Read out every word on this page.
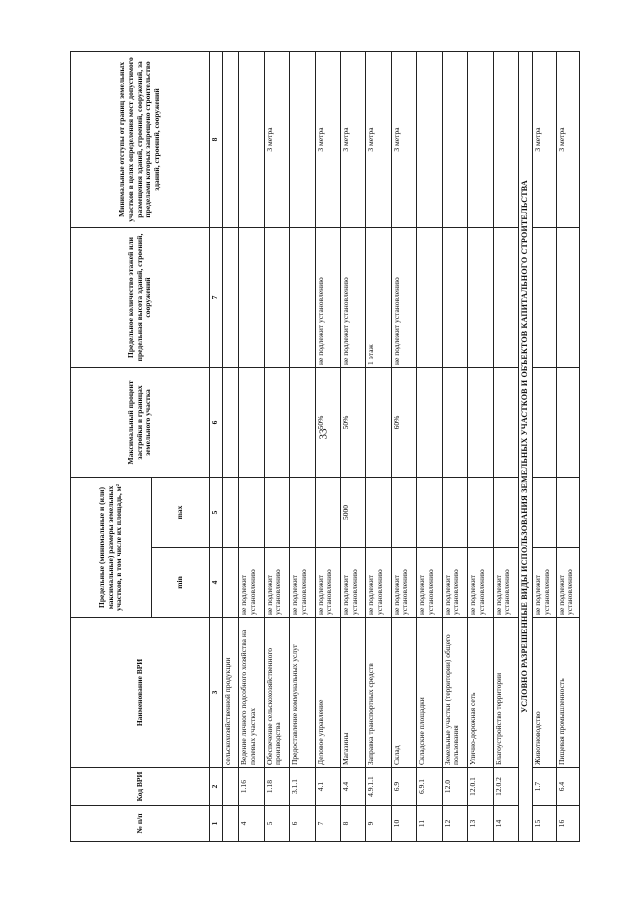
33
№ п/п	Код ВРИ	Наименование ВРИ	Предельные (минимальные и (или) максимальные) размеры земельных участков, в том числе их площадь, м²		Максимальный процент застройки в границах земельного участка	Предельное количество этажей или предельная высота зданий, строений, сооружений	Минимальные отступы от границ земельных участков в целях определения мест допустимого размещения зданий, строений, сооружений, за пределами которых запрещено строительство зданий, строений, сооружений
			min	max			
1	2	3	4	5	6	7	8
		сельскохозяйственной продукции					
4	1.16	Ведение личного подсобного хозяйства на полевых участках	не подлежит установлению				
5	1.18	Обеспечение сельскохозяйственного производства	не подлежит установлению				3 метра
6	3.1.1	Предоставление коммунальных услуг	не подлежит установлению				
7	4.1	Деловое управление	не подлежит установлению		50%	не подлежит установлению	3 метра
8	4.4	Магазины	не подлежит установлению	5000	50%	не подлежит установлению	3 метра
9	4.9.1.1	Заправка транспортных средств	не подлежит установлению			1 этаж	3 метра
10	6.9	Склад	не подлежит установлению		60%	не подлежит установлению	3 метра
11	6.9.1	Складские площадки	не подлежит установлению				
12	12.0	Земельные участки (территории) общего пользования	не подлежит установлению				
13	12.0.1	Улично-дорожная сеть	не подлежит установлению				
14	12.0.2	Благоустройство территории	не подлежит установлению				
УСЛОВНО РАЗРЕШЕННЫЕ ВИДЫ ИСПОЛЬЗОВАНИЯ ЗЕМЕЛЬНЫХ УЧАСТКОВ И ОБЪЕКТОВ КАПИТАЛЬНОГО СТРОИТЕЛЬСТВА							
15	1.7	Животноводство	не подлежит установлению				3 метра
16	6.4	Пищевая промышленность	не подлежит установлению				3 метра
